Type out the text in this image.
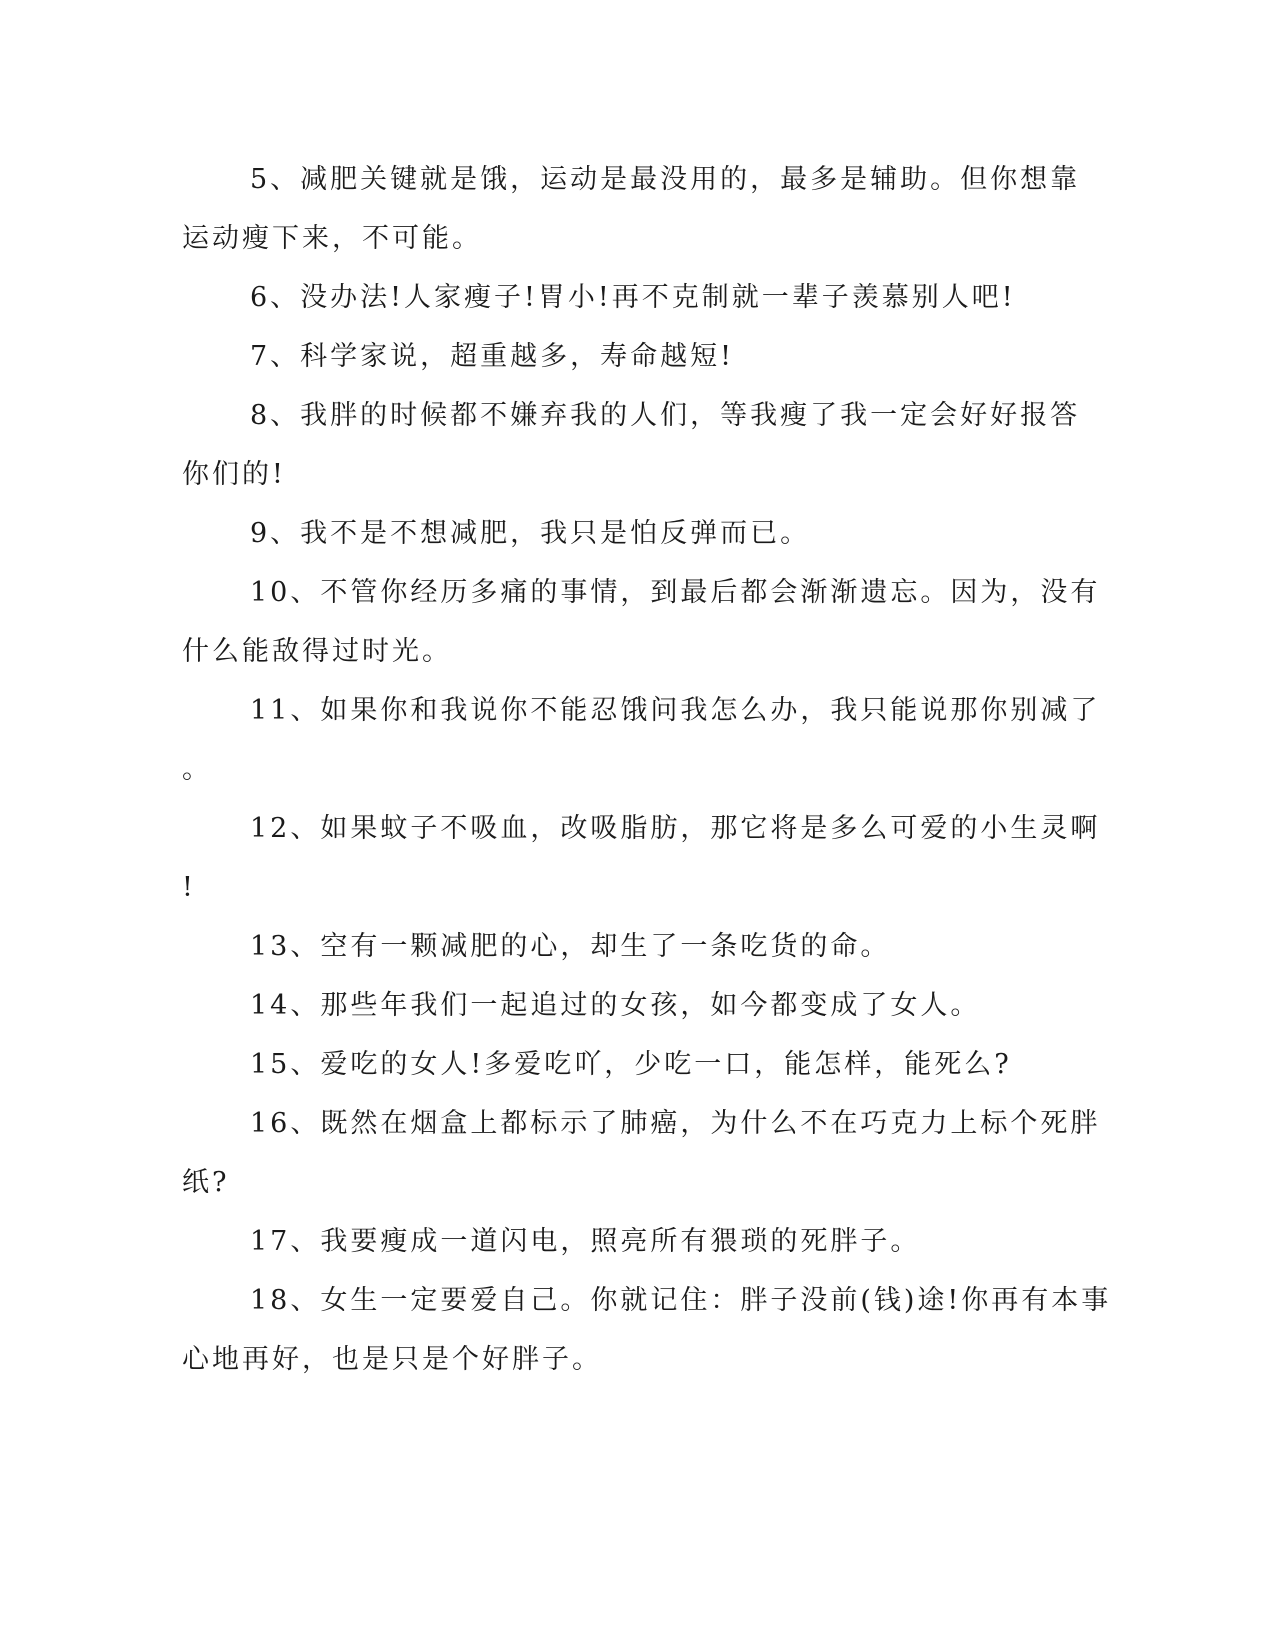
5、减肥关键就是饿，运动是最没用的，最多是辅助。但你想靠
运动瘦下来，不可能。
6、没办法!人家瘦子!胃小!再不克制就一辈子羡慕别人吧!
7、科学家说，超重越多，寿命越短!
8、我胖的时候都不嫌弃我的人们，等我瘦了我一定会好好报答
你们的!
9、我不是不想减肥，我只是怕反弹而已。
10、不管你经历多痛的事情，到最后都会渐渐遗忘。因为，没有
什么能敌得过时光。
11、如果你和我说你不能忍饿问我怎么办，我只能说那你别减了
。
12、如果蚊子不吸血，改吸脂肪，那它将是多么可爱的小生灵啊
!
13、空有一颗减肥的心，却生了一条吃货的命。
14、那些年我们一起追过的女孩，如今都变成了女人。
15、爱吃的女人!多爱吃吖，少吃一口，能怎样，能死么?
16、既然在烟盒上都标示了肺癌，为什么不在巧克力上标个死胖
纸?
17、我要瘦成一道闪电，照亮所有猥琐的死胖子。
18、女生一定要爱自己。你就记住：胖子没前(钱)途!你再有本事
心地再好，也是只是个好胖子。
